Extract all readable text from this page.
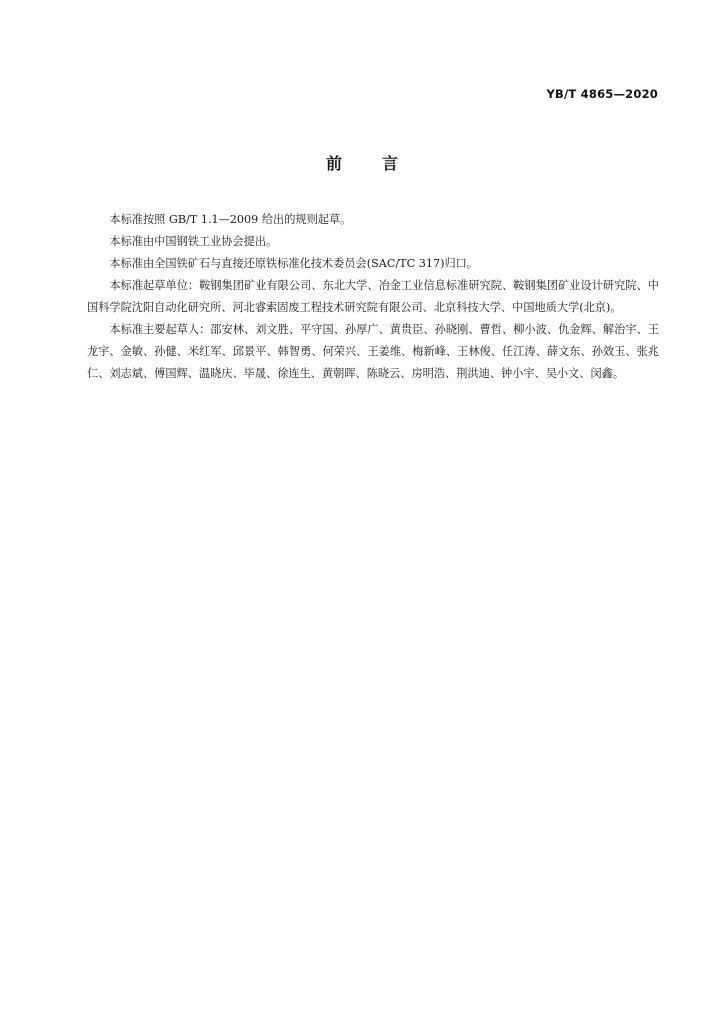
YB/T 4865—2020
前言

本标准按照 GB/T 1.1—2009 给出的规则起草。

本标准由中国钢铁工业协会提出。

本标准由全国铁矿石与直接还原铁标准化技术委员会(SAC/TC 317)归口。

本标准起草单位：鞍钢集团矿业有限公司、东北大学、冶金工业信息标准研究院、鞍钢集团矿业设计研究院、中国科学院沈阳自动化研究所、河北睿索固废工程技术研究院有限公司、北京科技大学、中国地质大学(北京)。

本标准主要起草人：邵安林、刘文胜、平守国、孙厚广、黄贵臣、孙晓刚、曹哲、柳小波、仇金辉、解治宇、王龙宇、金敏、孙健、米红军、邱景平、韩智勇、何荣兴、王姜维、梅新峰、王林俊、任江涛、薛文东、孙效玉、张兆仁、刘志斌、傅国辉、温晓庆、毕晟、徐连生、黄朝晖、陈晓云、房明浩、荆洪迪、钟小宇、吴小文、闵鑫。
